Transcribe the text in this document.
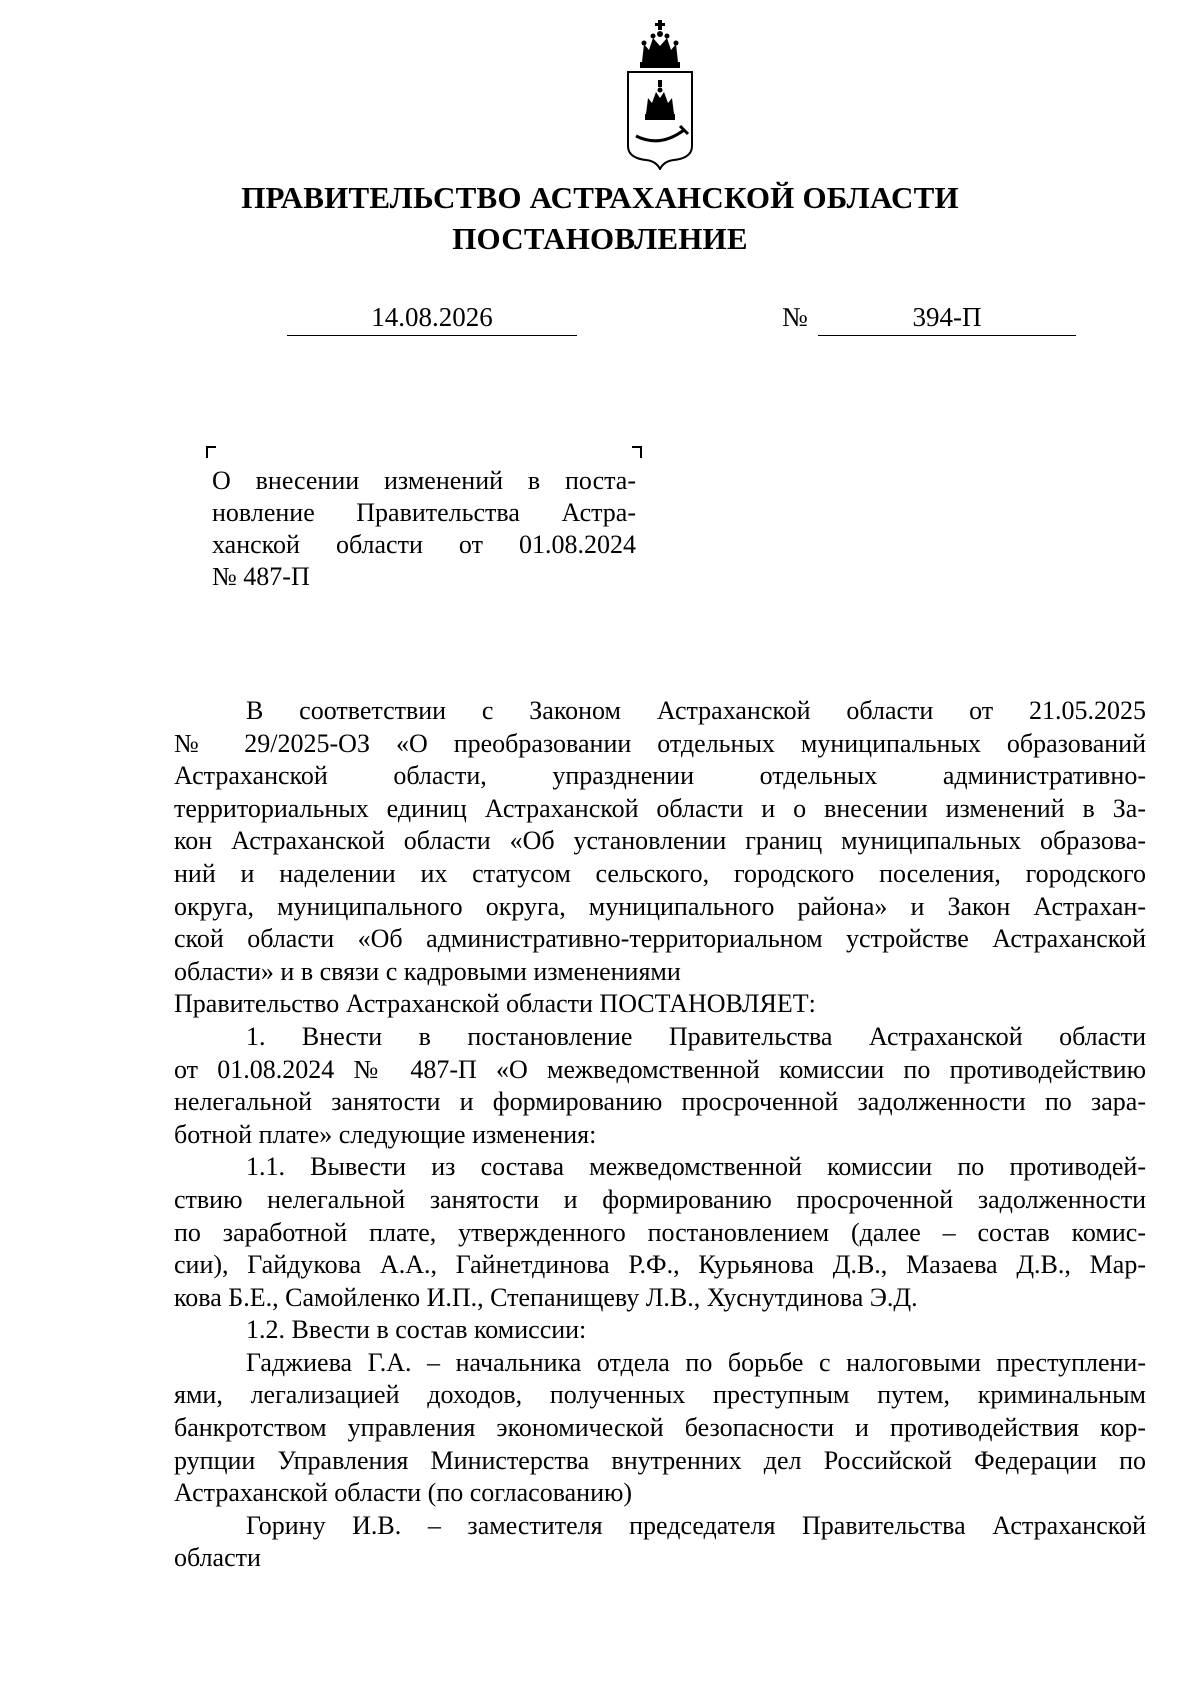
ПРАВИТЕЛЬСТВО АСТРАХАНСКОЙ ОБЛАСТИ
ПОСТАНОВЛЕНИЕ
14.08.2026	№	394-П
О внесении изменений в поста-
новление Правительства Астра-
ханской области от 01.08.2024
№ 487-П
В соответствии с Законом Астраханской области от 21.05.2025
№ 29/2025-ОЗ «О преобразовании отдельных муниципальных образований
Астраханской области, упразднении отдельных административно-
территориальных единиц Астраханской области и о внесении изменений в За-
кон Астраханской области «Об установлении границ муниципальных образова-
ний и наделении их статусом сельского, городского поселения, городского
округа, муниципального округа, муниципального района» и Закон Астрахан-
ской области «Об административно-территориальном устройстве Астраханской
области» и в связи с кадровыми изменениями
Правительство Астраханской области ПОСТАНОВЛЯЕТ:
1. Внести в постановление Правительства Астраханской области
от 01.08.2024 № 487-П «О межведомственной комиссии по противодействию
нелегальной занятости и формированию просроченной задолженности по зара-
ботной плате» следующие изменения:
1.1. Вывести из состава межведомственной комиссии по противодей-
ствию нелегальной занятости и формированию просроченной задолженности
по заработной плате, утвержденного постановлением (далее – состав комис-
сии), Гайдукова А.А., Гайнетдинова Р.Ф., Курьянова Д.В., Мазаева Д.В., Мар-
кова Б.Е., Самойленко И.П., Степанищеву Л.В., Хуснутдинова Э.Д.
1.2. Ввести в состав комиссии:
Гаджиева Г.А. – начальника отдела по борьбе с налоговыми преступлени-
ями, легализацией доходов, полученных преступным путем, криминальным
банкротством управления экономической безопасности и противодействия кор-
рупции Управления Министерства внутренних дел Российской Федерации по
Астраханской области (по согласованию)
Горину И.В. – заместителя председателя Правительства Астраханской
области
